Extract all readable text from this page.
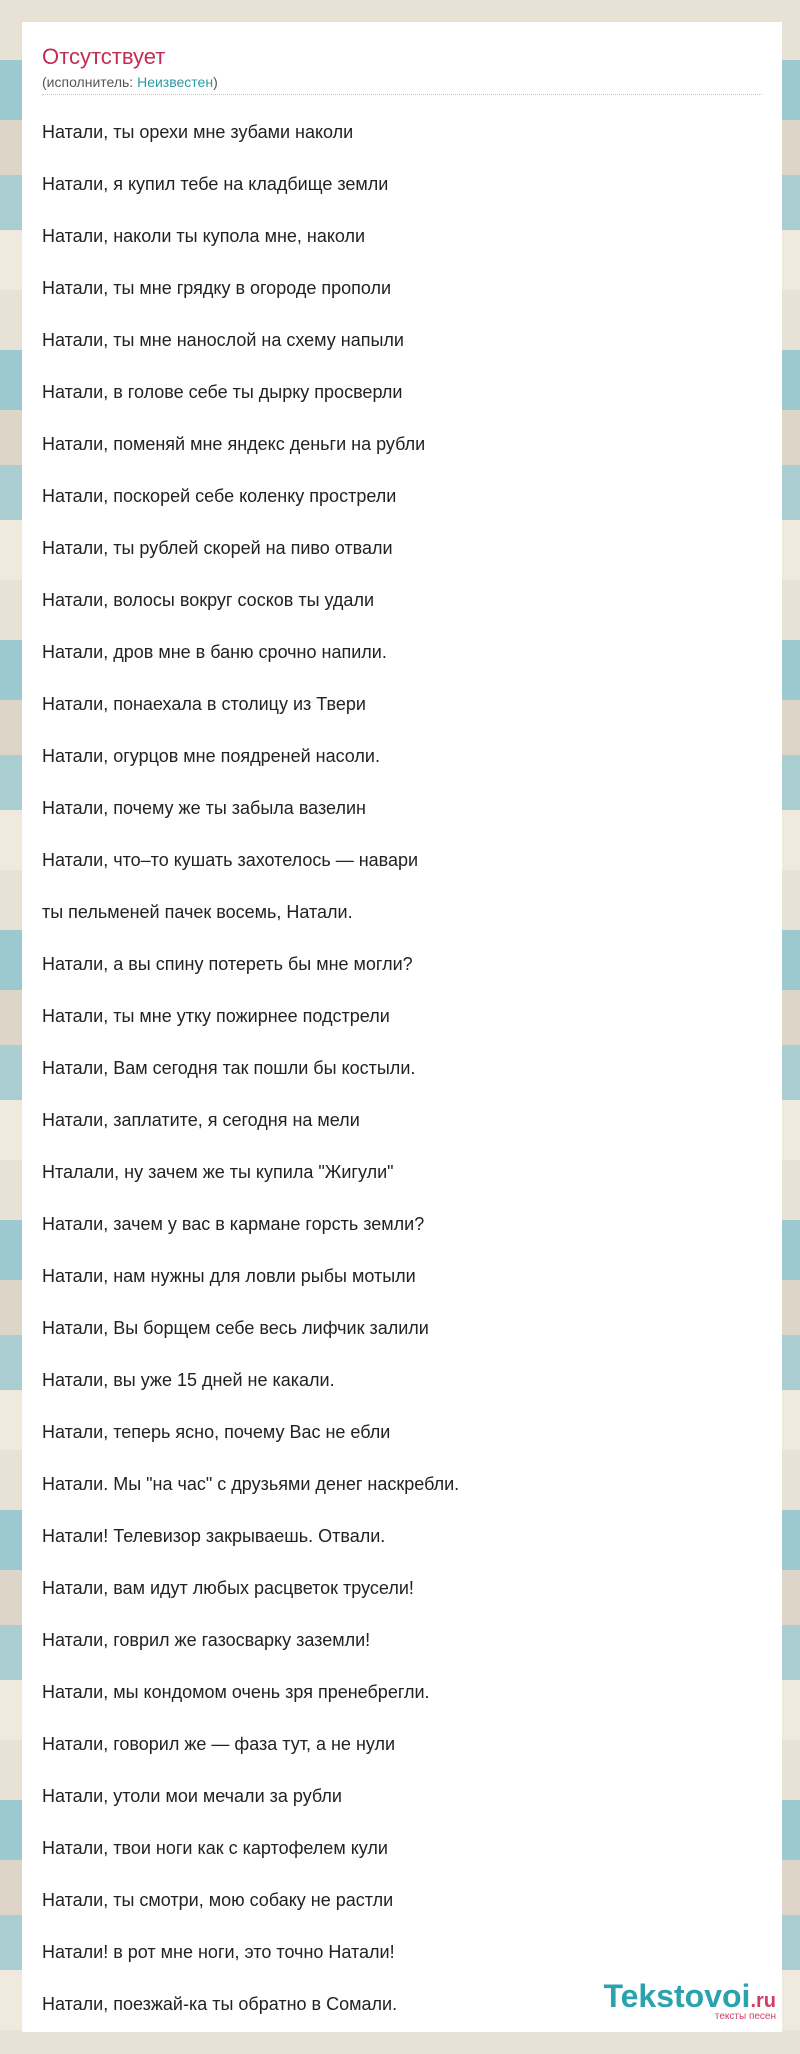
Отсутствует
(исполнитель: Неизвестен)
Натали, ты орехи мне зубами наколи
Натали, я купил тебе на кладбище земли
Натали, наколи ты купола мне, наколи
Натали, ты мне грядку в огороде прополи
Натали, ты мне нанослой на схему напыли
Натали, в голове себе ты дырку просверли
Натали, поменяй мне яндекс деньги на рубли
Натали, поскорей себе коленку прострели
Натали, ты рублей скорей на пиво отвали
Натали, волосы вокруг сосков ты удали
Натали, дров мне в баню срочно напили.
Натали, понаехала в столицу из Твери
Натали, огурцов мне поядреней насоли.
Натали, почему же ты забыла вазелин
Натали, что–то кушать захотелось — навари
ты пельменей пачек восемь, Натали.
Натали, а вы спину потереть бы мне могли?
Натали, ты мне утку пожирнее подстрели
Натали, Вам сегодня так пошли бы костыли.
Натали, заплатите, я сегодня на мели
Нталали, ну зачем же ты купила "Жигули"
Натали, зачем у вас в кармане горсть земли?
Натали, нам нужны для ловли рыбы мотыли
Натали, Вы борщем себе весь лифчик залили
Натали, вы уже 15 дней не какали.
Натали, теперь ясно, почему Вас не ебли
Натали. Мы "на час" с друзьями денег наскребли.
Натали! Телевизор закрываешь. Отвали.
Натали, вам идут любых расцветок трусели!
Натали, говрил же газосварку заземли!
Натали, мы кондомом очень зря пренебрегли.
Натали, говорил же — фаза тут, а не нули
Натали, утоли мои мечали за рубли
Натали, твои ноги как с картофелем кули
Натали, ты смотри, мою собаку не растли
Натали! в рот мне ноги, это точно Натали!
Натали, поезжай-ка ты обратно в Сомали.	Tekstovoi.ru
тексты песен
